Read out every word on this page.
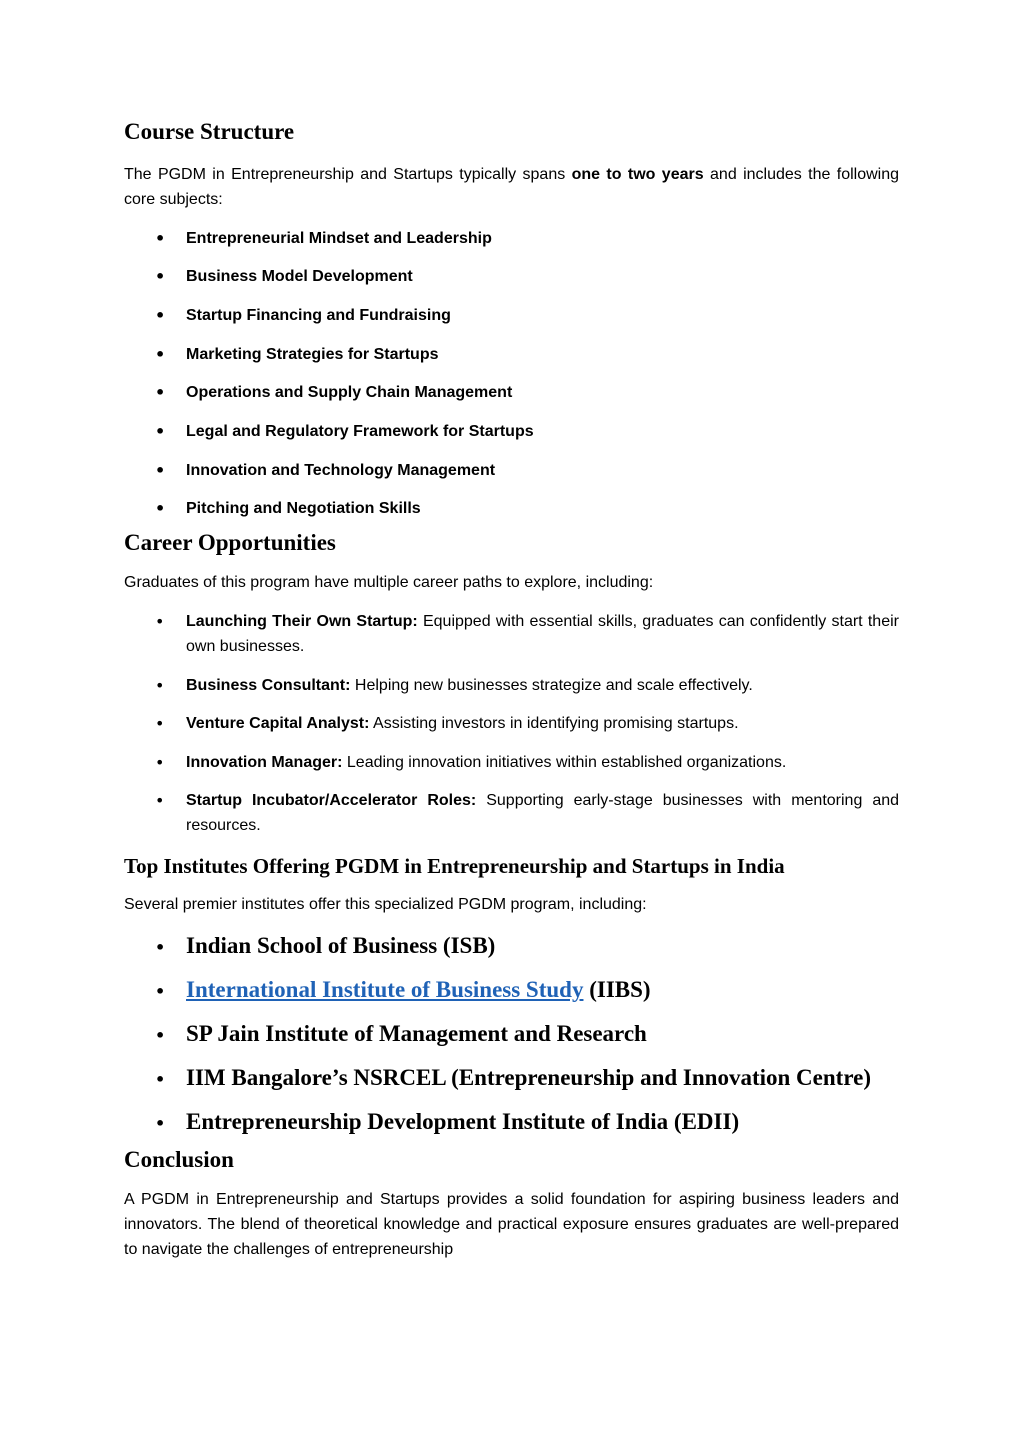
Course Structure

The PGDM in Entrepreneurship and Startups typically spans one to two years and includes the following core subjects:

• Entrepreneurial Mindset and Leadership
• Business Model Development
• Startup Financing and Fundraising
• Marketing Strategies for Startups
• Operations and Supply Chain Management
• Legal and Regulatory Framework for Startups
• Innovation and Technology Management
• Pitching and Negotiation Skills
Career Opportunities

Graduates of this program have multiple career paths to explore, including:

• Launching Their Own Startup: Equipped with essential skills, graduates can confidently start their own businesses.
• Business Consultant: Helping new businesses strategize and scale effectively.
• Venture Capital Analyst: Assisting investors in identifying promising startups.
• Innovation Manager: Leading innovation initiatives within established organizations.
• Startup Incubator/Accelerator Roles: Supporting early-stage businesses with mentoring and resources.
Top Institutes Offering PGDM in Entrepreneurship and Startups in India

Several premier institutes offer this specialized PGDM program, including:

• Indian School of Business (ISB)
• International Institute of Business Study (IIBS)
• SP Jain Institute of Management and Research
• IIM Bangalore’s NSRCEL (Entrepreneurship and Innovation Centre)
• Entrepreneurship Development Institute of India (EDII)
Conclusion

A PGDM in Entrepreneurship and Startups provides a solid foundation for aspiring business leaders and innovators. The blend of theoretical knowledge and practical exposure ensures graduates are well-prepared to navigate the challenges of entrepreneurship
